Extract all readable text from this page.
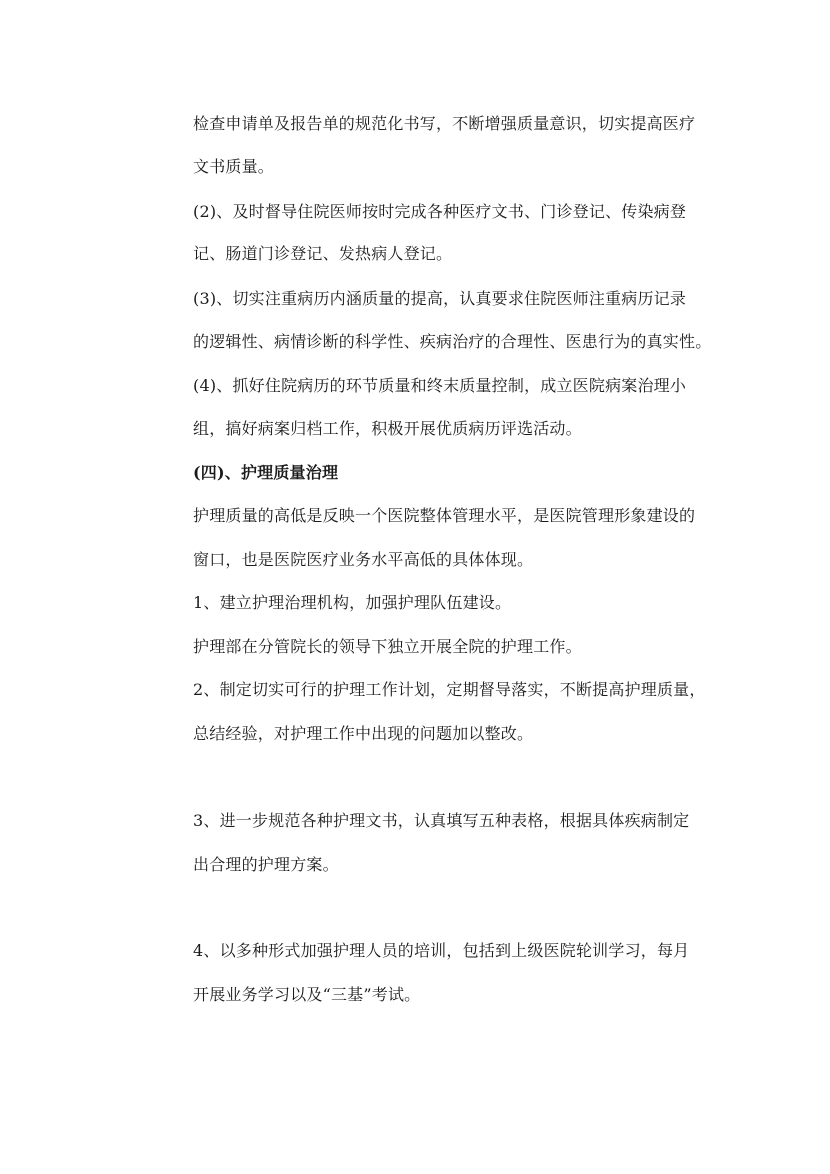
检查申请单及报告单的规范化书写，不断增强质量意识，切实提高医疗
文书质量。
(2)、及时督导住院医师按时完成各种医疗文书、门诊登记、传染病登
记、肠道门诊登记、发热病人登记。
(3)、切实注重病历内涵质量的提高，认真要求住院医师注重病历记录
的逻辑性、病情诊断的科学性、疾病治疗的合理性、医患行为的真实性。
(4)、抓好住院病历的环节质量和终末质量控制，成立医院病案治理小
组，搞好病案归档工作，积极开展优质病历评选活动。
(四)、护理质量治理
护理质量的高低是反映一个医院整体管理水平，是医院管理形象建设的
窗口，也是医院医疗业务水平高低的具体体现。
1、建立护理治理机构，加强护理队伍建设。
护理部在分管院长的领导下独立开展全院的护理工作。
2、制定切实可行的护理工作计划，定期督导落实，不断提高护理质量，
总结经验，对护理工作中出现的问题加以整改。
3、进一步规范各种护理文书，认真填写五种表格，根据具体疾病制定
出合理的护理方案。
4、以多种形式加强护理人员的培训，包括到上级医院轮训学习，每月
开展业务学习以及“三基”考试。
